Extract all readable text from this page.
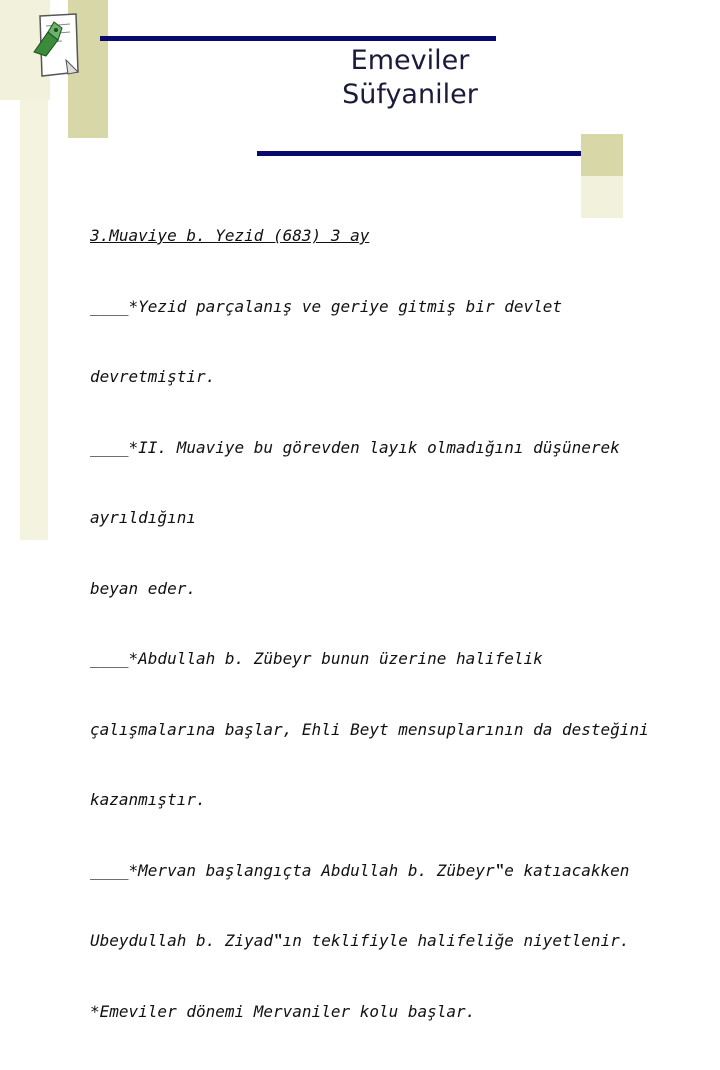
Emeviler
Süfyaniler

3.Muaviye b. Yezid (683) 3 ay

____*Yezid parçalanış ve geriye gitmiş bir devlet

devretmiştir.

____*II. Muaviye bu görevden layık olmadığını düşünerek

ayrıldığını

beyan eder.

____*Abdullah b. Zübeyr bunun üzerine halifelik

çalışmalarına başlar, Ehli Beyt mensuplarının da desteğini

kazanmıştır.

____*Mervan başlangıçta Abdullah b. Zübeyr‟e katıacakken

Ubeydullah b. Ziyad‟ın teklifiyle halifeliğe niyetlenir.

*Emeviler dönemi Mervaniler kolu başlar.
